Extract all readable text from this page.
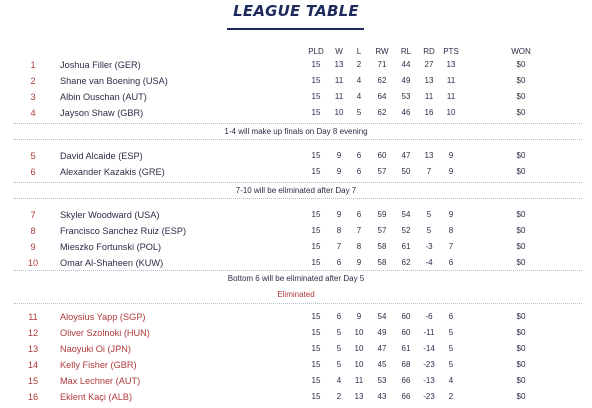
LEAGUE TABLE
PLD	W	L	RW	RL	RD	PTS	WON
1	Joshua Filler (GER)	15	13	2	71	44	27	13	$0
2	Shane van Boening (USA)	15	11	4	62	49	13	11	$0
3	Albin Ouschan (AUT)	15	11	4	64	53	11	11	$0
4	Jayson Shaw (GBR)	15	10	5	62	46	16	10	$0
1-4 will make up finals on Day 8 evening
5	David Alcaide (ESP)	15	9	6	60	47	13	9	$0
6	Alexander Kazakis (GRE)	15	9	6	57	50	7	9	$0
7-10 will be eliminated after Day 7
7	Skyler Woodward (USA)	15	9	6	59	54	5	9	$0
8	Francisco Sanchez Ruiz (ESP)	15	8	7	57	52	5	8	$0
9	Mieszko Fortunski (POL)	15	7	8	58	61	-3	7	$0
10 Omar Al-Shaheen (KUW)	15	6	9	58	62	-4	6	$0
Bottom 6 will be eliminated after Day 5
Eliminated
11 Aloysius Yapp (SGP)	15	6	9	54	60	-6	6	$0
12 Oliver Szolnoki (HUN)	15	5	10	49	60	-11	5	$0
13 Naoyuki Oi (JPN)	15	5	10	47	61	-14	5	$0
14 Kelly Fisher (GBR)	15	5	10	45	68	-23	5	$0
15 Max Lechner (AUT)	15	4	11	53	66	-13	4	$0
16 Eklent Kaçi (ALB)	15	2	13	43	66	-23	2	$0
